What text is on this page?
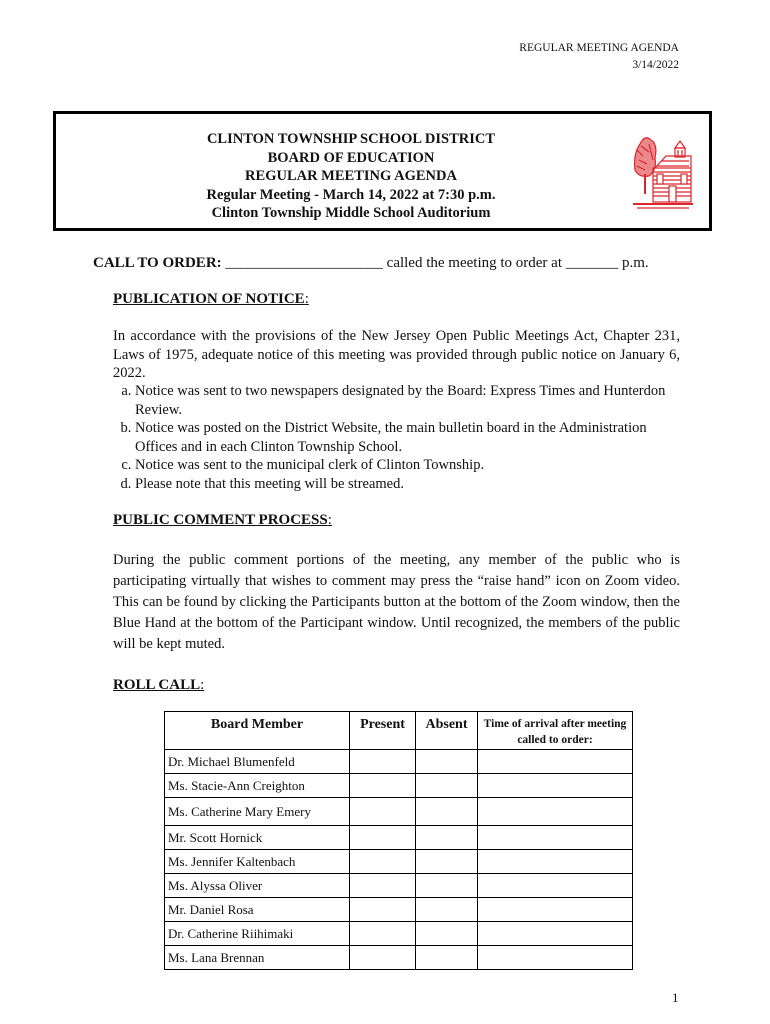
REGULAR MEETING AGENDA
3/14/2022
CLINTON TOWNSHIP SCHOOL DISTRICT
BOARD OF EDUCATION
REGULAR MEETING AGENDA
Regular Meeting - March 14, 2022 at 7:30 p.m.
Clinton Township Middle School Auditorium
CALL TO ORDER: _____________________ called the meeting to order at _______ p.m.
PUBLICATION OF NOTICE:
In accordance with the provisions of the New Jersey Open Public Meetings Act, Chapter 231, Laws of 1975, adequate notice of this meeting was provided through public notice on January 6, 2022.
a. Notice was sent to two newspapers designated by the Board: Express Times and Hunterdon Review.
b. Notice was posted on the District Website, the main bulletin board in the Administration Offices and in each Clinton Township School.
c. Notice was sent to the municipal clerk of Clinton Township.
d. Please note that this meeting will be streamed.
PUBLIC COMMENT PROCESS:
During the public comment portions of the meeting, any member of the public who is participating virtually that wishes to comment may press the “raise hand” icon on Zoom video. This can be found by clicking the Participants button at the bottom of the Zoom window, then the Blue Hand at the bottom of the Participant window. Until recognized, the members of the public will be kept muted.
ROLL CALL:
Board Member	Present	Absent	Time of arrival after meeting called to order:
Dr. Michael Blumenfeld			
Ms. Stacie-Ann Creighton			
Ms. Catherine Mary Emery			
Mr. Scott Hornick			
Ms. Jennifer Kaltenbach			
Ms. Alyssa Oliver			
Mr. Daniel Rosa			
Dr. Catherine Riihimaki			
Ms. Lana Brennan			
1
